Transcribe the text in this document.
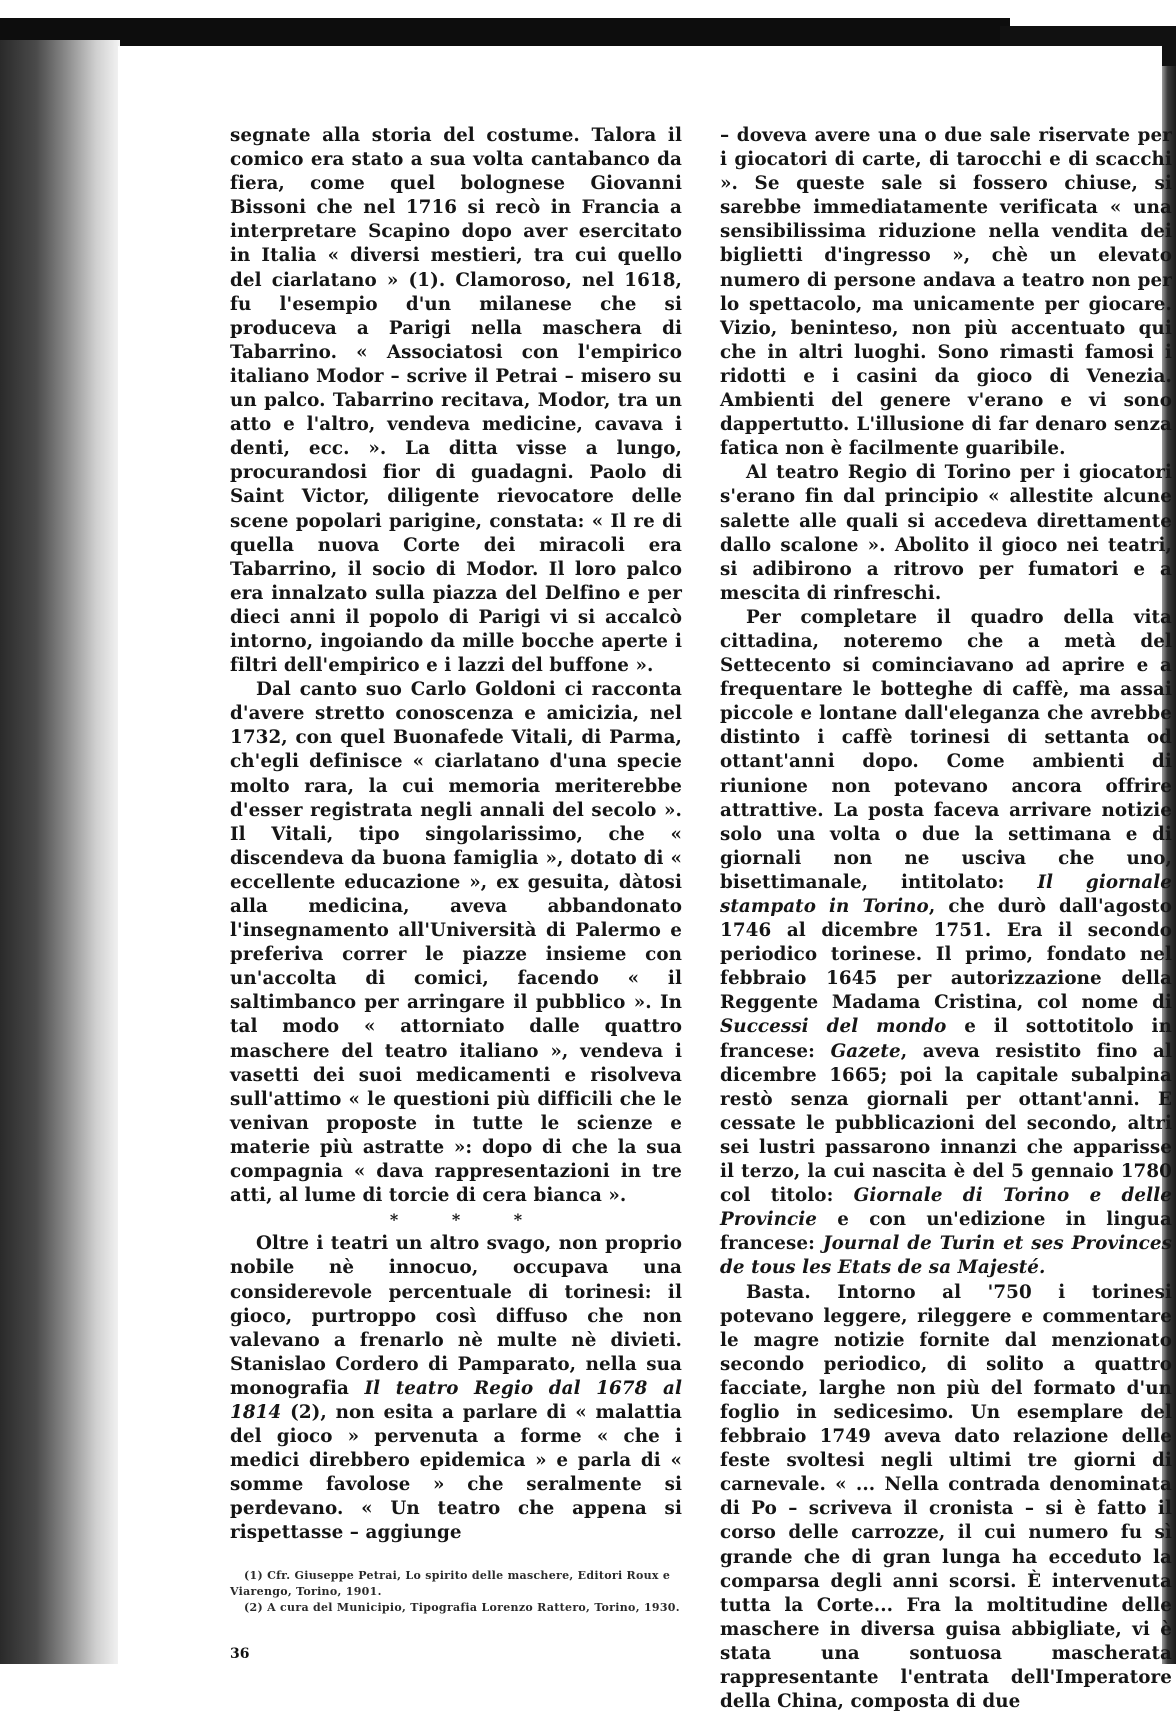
segnate alla storia del costume. Talora il comico era stato a sua volta cantabanco da fiera, come quel bolognese Giovanni Bissoni che nel 1716 si recò in Francia a interpretare Scapino dopo aver esercitato in Italia « diversi mestieri, tra cui quello del ciarlatano » (1). Clamoroso, nel 1618, fu l'esempio d'un milanese che si produceva a Parigi nella maschera di Tabarrino. « Associatosi con l'empirico italiano Modor – scrive il Petrai – misero su un palco. Tabarrino recitava, Modor, tra un atto e l'altro, vendeva medicine, cavava i denti, ecc. ». La ditta visse a lungo, procurandosi fior di guadagni. Paolo di Saint Victor, diligente rievocatore delle scene popolari parigine, constata: « Il re di quella nuova Corte dei miracoli era Tabarrino, il socio di Modor. Il loro palco era innalzato sulla piazza del Delfino e per dieci anni il popolo di Parigi vi si accalcò intorno, ingoiando da mille bocche aperte i filtri dell'empirico e i lazzi del buffone ».

Dal canto suo Carlo Goldoni ci racconta d'avere stretto conoscenza e amicizia, nel 1732, con quel Buonafede Vitali, di Parma, ch'egli definisce « ciarlatano d'una specie molto rara, la cui memoria meriterebbe d'esser registrata negli annali del secolo ». Il Vitali, tipo singolarissimo, che « discendeva da buona famiglia », dotato di « eccellente educazione », ex gesuita, dàtosi alla medicina, aveva abbandonato l'insegnamento all'Università di Palermo e preferiva correr le piazze insieme con un'accolta di comici, facendo « il saltimbanco per arringare il pubblico ». In tal modo « attorniato dalle quattro maschere del teatro italiano », vendeva i vasetti dei suoi medicamenti e risolveva sull'attimo « le questioni più difficili che le venivan proposte in tutte le scienze e materie più astratte »: dopo di che la sua compagnia « dava rappresentazioni in tre atti, al lume di torcie di cera bianca ».

* * *

Oltre i teatri un altro svago, non proprio nobile nè innocuo, occupava una considerevole percentuale di torinesi: il gioco, purtroppo così diffuso che non valevano a frenarlo nè multe nè divieti. Stanislao Cordero di Pamparato, nella sua monografia Il teatro Regio dal 1678 al 1814 (2), non esita a parlare di « malattia del gioco » pervenuta a forme « che i medici direbbero epidemica » e parla di « somme favolose » che seralmente si perdevano. « Un teatro che appena si rispettasse – aggiunge

– doveva avere una o due sale riservate per i giocatori di carte, di tarocchi e di scacchi ». Se queste sale si fossero chiuse, si sarebbe immediatamente verificata « una sensibilissima riduzione nella vendita dei biglietti d'ingresso », chè un elevato numero di persone andava a teatro non per lo spettacolo, ma unicamente per giocare. Vizio, beninteso, non più accentuato qui che in altri luoghi. Sono rimasti famosi i ridotti e i casini da gioco di Venezia. Ambienti del genere v'erano e vi sono dappertutto. L'illusione di far denaro senza fatica non è facilmente guaribile.

Al teatro Regio di Torino per i giocatori s'erano fin dal principio « allestite alcune salette alle quali si accedeva direttamente dallo scalone ». Abolito il gioco nei teatri, si adibirono a ritrovo per fumatori e a mescita di rinfreschi.

Per completare il quadro della vita cittadina, noteremo che a metà del Settecento si cominciavano ad aprire e a frequentare le botteghe di caffè, ma assai piccole e lontane dall'eleganza che avrebbe distinto i caffè torinesi di settanta od ottant'anni dopo. Come ambienti di riunione non potevano ancora offrire attrattive. La posta faceva arrivare notizie solo una volta o due la settimana e di giornali non ne usciva che uno, bisettimanale, intitolato: Il giornale stampato in Torino, che durò dall'agosto 1746 al dicembre 1751. Era il secondo periodico torinese. Il primo, fondato nel febbraio 1645 per autorizzazione della Reggente Madama Cristina, col nome di Successi del mondo e il sottotitolo in francese: Gazete, aveva resistito fino al dicembre 1665; poi la capitale subalpina restò senza giornali per ottant'anni. E cessate le pubblicazioni del secondo, altri sei lustri passarono innanzi che apparisse il terzo, la cui nascita è del 5 gennaio 1780 col titolo: Giornale di Torino e delle Provincie e con un'edizione in lingua francese: Journal de Turin et ses Provinces de tous les Etats de sa Majesté.

Basta. Intorno al '750 i torinesi potevano leggere, rileggere e commentare le magre notizie fornite dal menzionato secondo periodico, di solito a quattro facciate, larghe non più del formato d'un foglio in sedicesimo. Un esemplare del febbraio 1749 aveva dato relazione delle feste svoltesi negli ultimi tre giorni di carnevale. « ... Nella contrada denominata di Po – scriveva il cronista – si è fatto il corso delle carrozze, il cui numero fu sì grande che di gran lunga ha ecceduto la comparsa degli anni scorsi. È intervenuta tutta la Corte... Fra la moltitudine delle maschere in diversa guisa abbigliate, vi è stata una sontuosa mascherata rappresentante l'entrata dell'Imperatore della China, composta di due

(1) Cfr. Giuseppe Petrai, Lo spirito delle maschere, Editori Roux e Viarengo, Torino, 1901.
(2) A cura del Municipio, Tipografia Lorenzo Rattero, Torino, 1930.
36
